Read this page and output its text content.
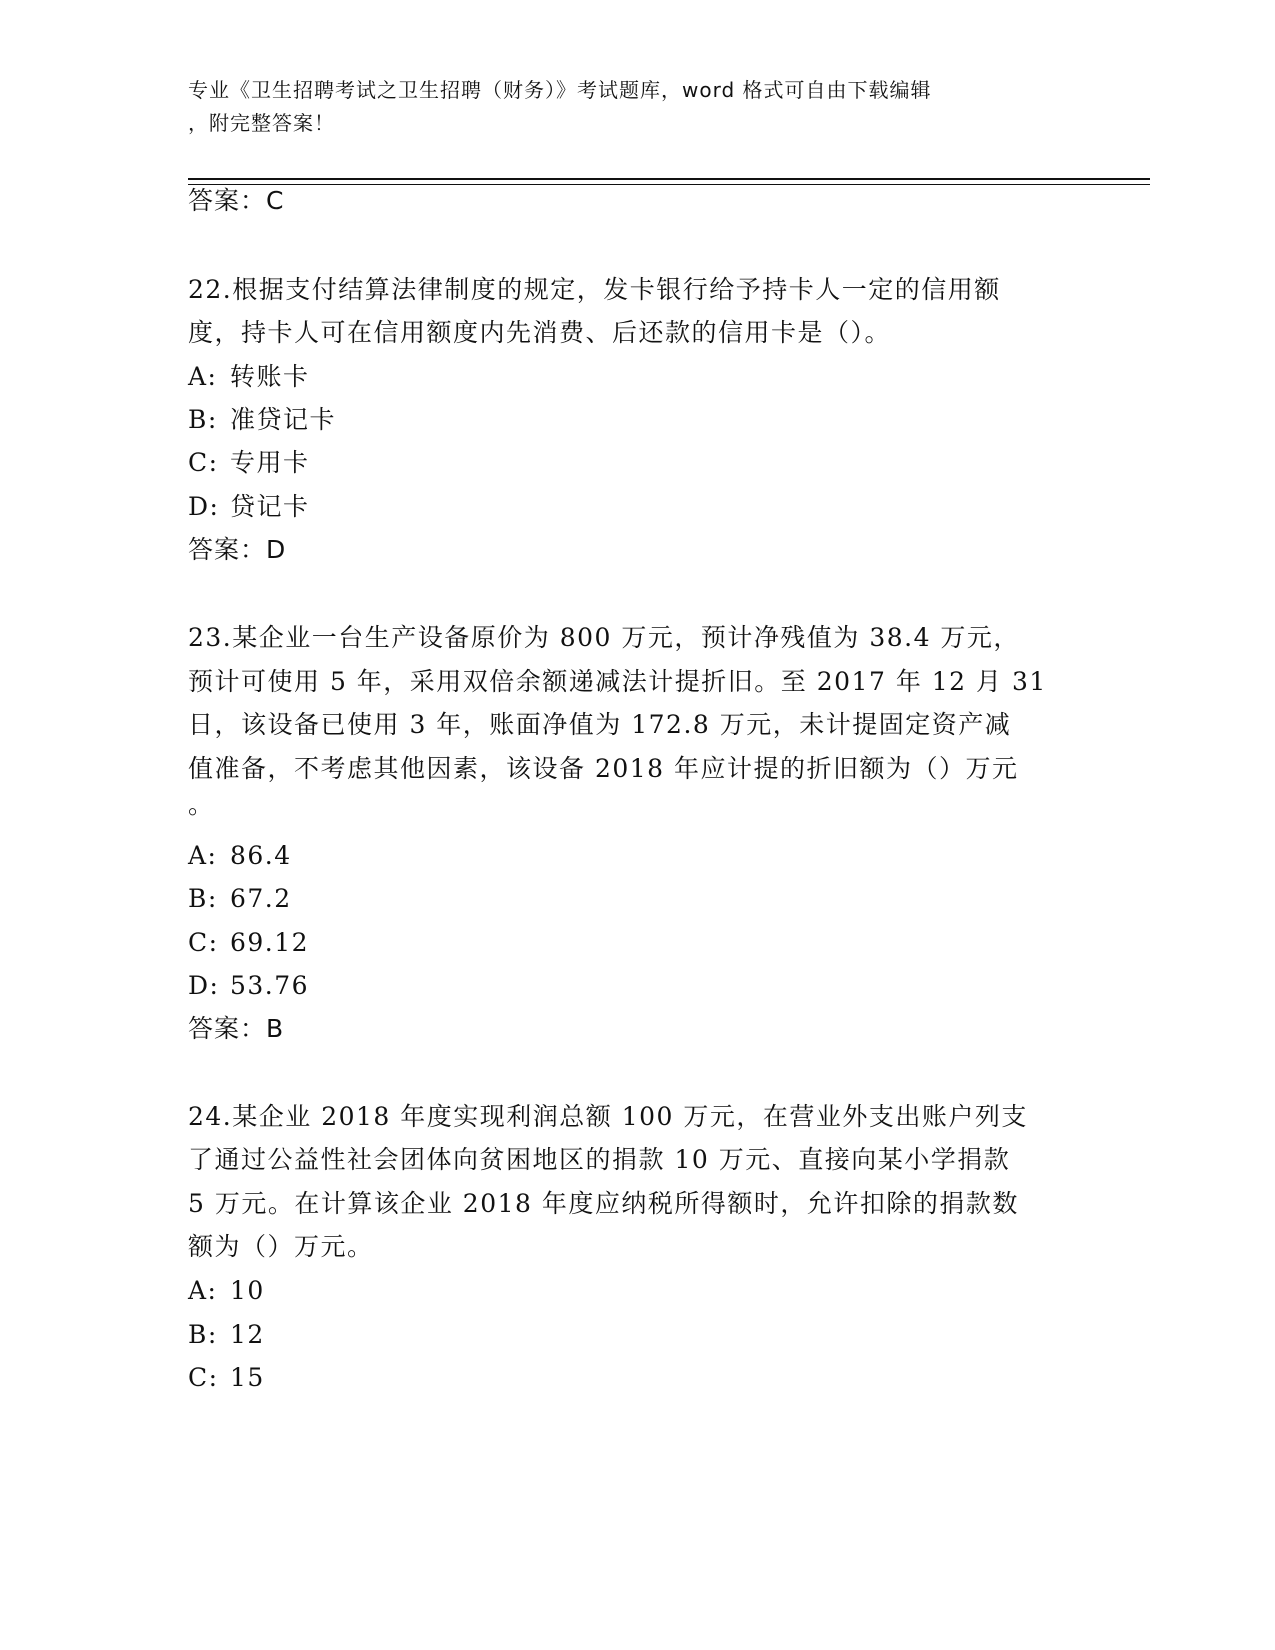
专业《卫生招聘考试之卫生招聘（财务）》考试题库，word 格式可自由下载编辑
，附完整答案！
答案：C
22.根据支付结算法律制度的规定，发卡银行给予持卡人一定的信用额
度，持卡人可在信用额度内先消费、后还款的信用卡是（）。
A: 转账卡
B: 准贷记卡
C: 专用卡
D: 贷记卡
答案：D
23.某企业一台生产设备原价为 800 万元，预计净残值为 38.4 万元，
预计可使用 5 年，采用双倍余额递减法计提折旧。至 2017 年 12 月 31
日，该设备已使用 3 年，账面净值为 172.8 万元，未计提固定资产减
值准备，不考虑其他因素，该设备 2018 年应计提的折旧额为（）万元
。
A: 86.4
B: 67.2
C: 69.12
D: 53.76
答案：B
24.某企业 2018 年度实现利润总额 100 万元，在营业外支出账户列支
了通过公益性社会团体向贫困地区的捐款 10 万元、直接向某小学捐款
5 万元。在计算该企业 2018 年度应纳税所得额时，允许扣除的捐款数
额为（）万元。
A: 10
B: 12
C: 15
